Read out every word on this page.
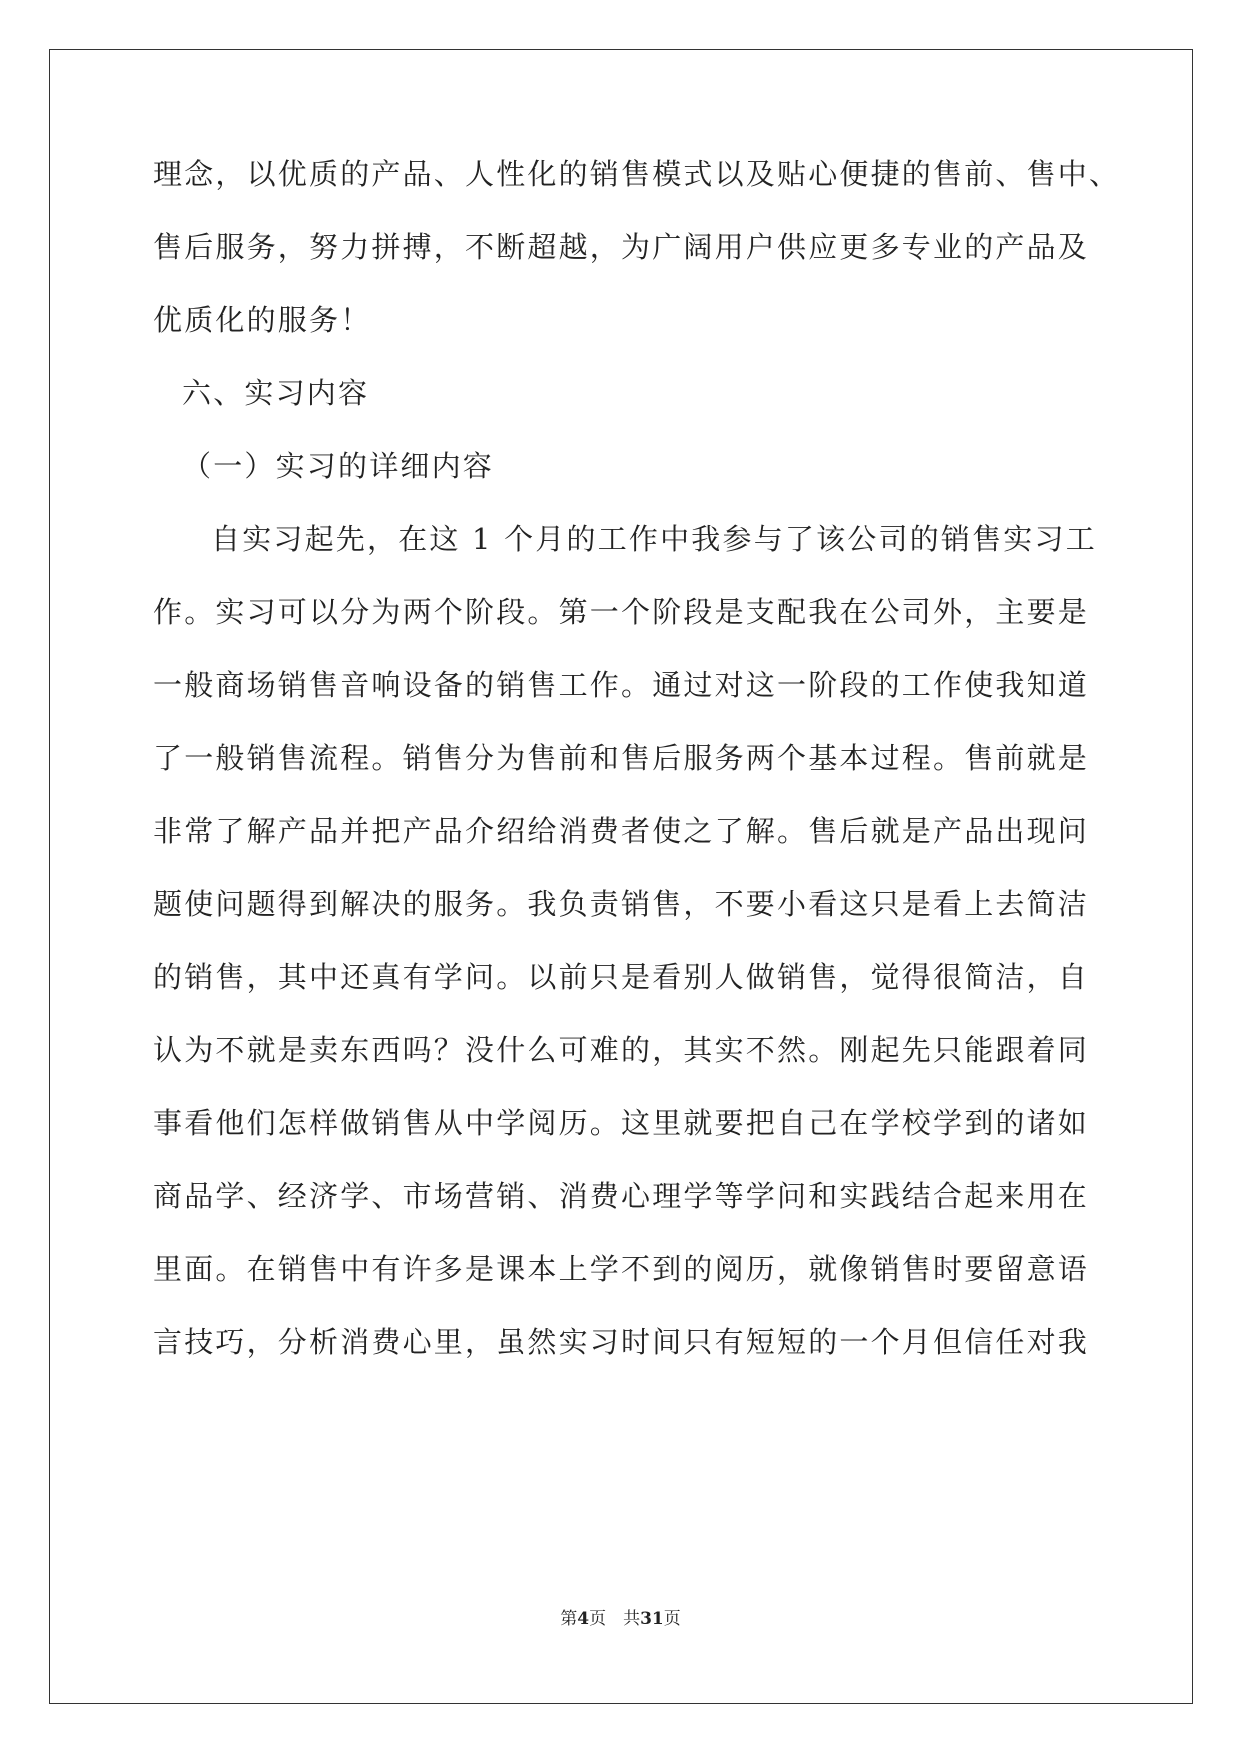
理念，以优质的产品、人性化的销售模式以及贴心便捷的售前、售中、
售后服务，努力拼搏，不断超越，为广阔用户供应更多专业的产品及
优质化的服务！
六、实习内容
（一）实习的详细内容
自实习起先，在这 1 个月的工作中我参与了该公司的销售实习工
作。实习可以分为两个阶段。第一个阶段是支配我在公司外，主要是
一般商场销售音响设备的销售工作。通过对这一阶段的工作使我知道
了一般销售流程。销售分为售前和售后服务两个基本过程。售前就是
非常了解产品并把产品介绍给消费者使之了解。售后就是产品出现问
题使问题得到解决的服务。我负责销售，不要小看这只是看上去简洁
的销售，其中还真有学问。以前只是看别人做销售，觉得很简洁，自
认为不就是卖东西吗？没什么可难的，其实不然。刚起先只能跟着同
事看他们怎样做销售从中学阅历。这里就要把自己在学校学到的诸如
商品学、经济学、市场营销、消费心理学等学问和实践结合起来用在
里面。在销售中有许多是课本上学不到的阅历，就像销售时要留意语
言技巧，分析消费心里，虽然实习时间只有短短的一个月但信任对我
第4页　共31页
